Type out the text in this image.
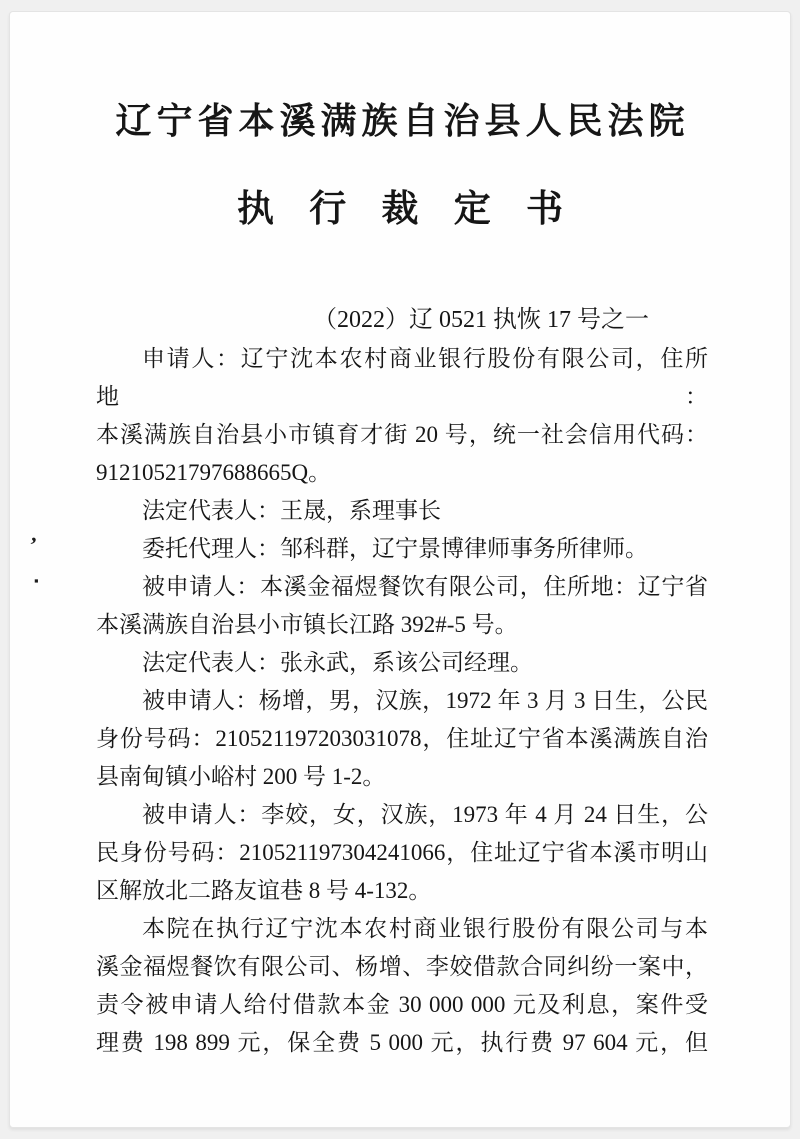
辽宁省本溪满族自治县人民法院
执 行 裁 定 书
（2022）辽 0521 执恢 17 号之一

申请人：辽宁沈本农村商业银行股份有限公司，住所地：
本溪满族自治县小市镇育才街 20 号，统一社会信用代码：
91210521797688665Q。

法定代表人：王晟，系理事长

委托代理人：邹科群，辽宁景博律师事务所律师。

被申请人：本溪金福煜餐饮有限公司，住所地：辽宁省
本溪满族自治县小市镇长江路 392#-5 号。

法定代表人：张永武，系该公司经理。

被申请人：杨增，男，汉族，1972 年 3 月 3 日生，公民
身份号码：210521197203031078，住址辽宁省本溪满族自治
县南甸镇小峪村 200 号 1-2。

被申请人：李姣，女，汉族，1973 年 4 月 24 日生，公
民身份号码：210521197304241066，住址辽宁省本溪市明山
区解放北二路友谊巷 8 号 4-132。

本院在执行辽宁沈本农村商业银行股份有限公司与本
溪金福煜餐饮有限公司、杨增、李姣借款合同纠纷一案中，
责令被申请人给付借款本金 30 000 000 元及利息，案件受
理费 198 899 元，保全费 5 000 元，执行费 97 604 元，但

‚
▪
